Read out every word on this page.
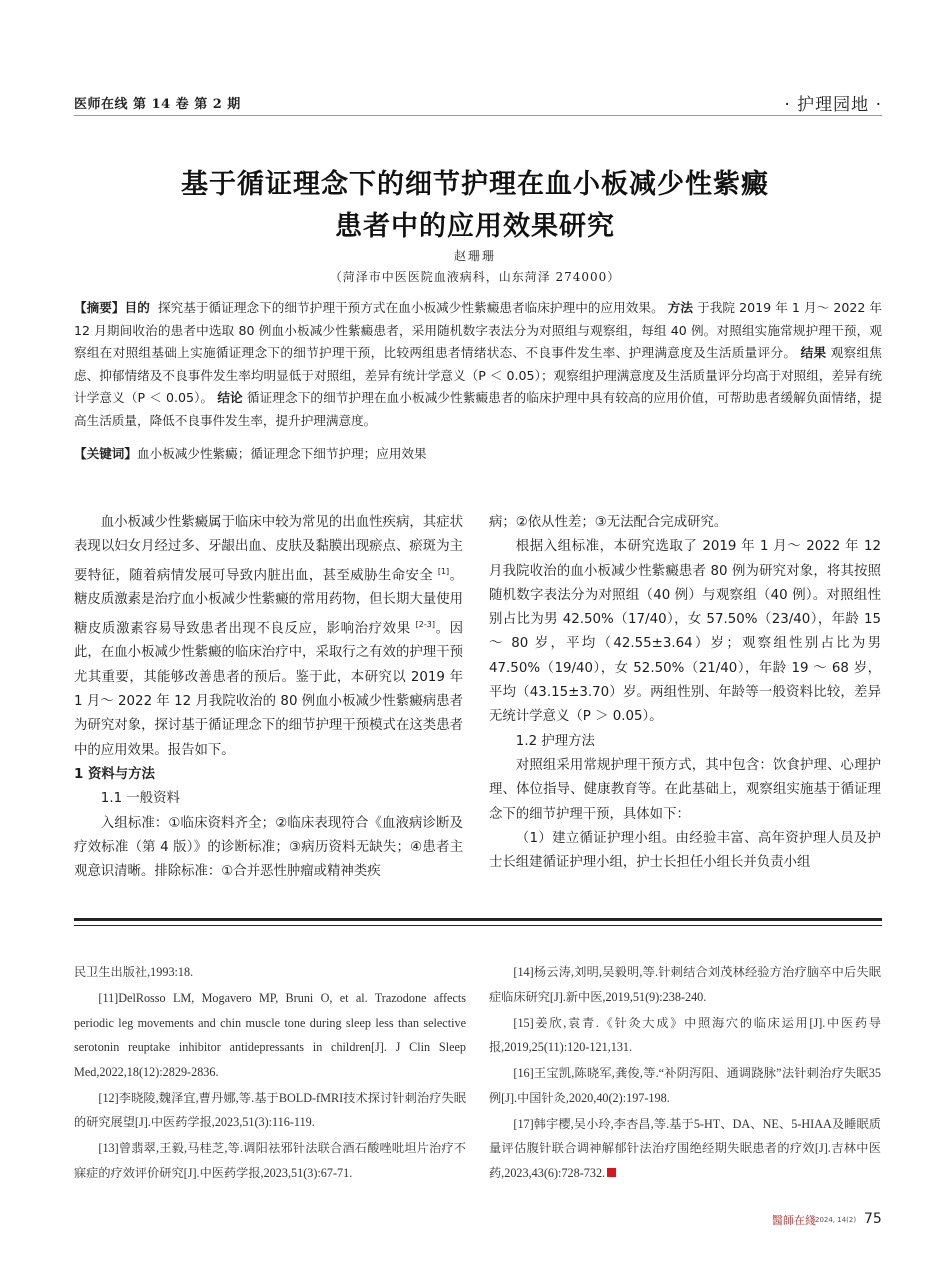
医师在线 第 14 卷 第 2 期	· 护理园地 ·
基于循证理念下的细节护理在血小板减少性紫癜
患者中的应用效果研究
赵珊珊
（菏泽市中医医院血液病科，山东菏泽 274000）
【摘要】目的 探究基于循证理念下的细节护理干预方式在血小板减少性紫癜患者临床护理中的应用效果。 方法 于我院 2019 年 1 月～ 2022 年 12 月期间收治的患者中选取 80 例血小板减少性紫癜患者，采用随机数字表法分为对照组与观察组，每组 40 例。对照组实施常规护理干预，观察组在对照组基础上实施循证理念下的细节护理干预，比较两组患者情绪状态、不良事件发生率、护理满意度及生活质量评分。 结果 观察组焦虑、抑郁情绪及不良事件发生率均明显低于对照组，差异有统计学意义（P ＜ 0.05）；观察组护理满意度及生活质量评分均高于对照组，差异有统计学意义（P ＜ 0.05）。 结论 循证理念下的细节护理在血小板减少性紫癜患者的临床护理中具有较高的应用价值，可帮助患者缓解负面情绪，提高生活质量，降低不良事件发生率，提升护理满意度。
【关键词】血小板减少性紫癜；循证理念下细节护理；应用效果

血小板减少性紫癜属于临床中较为常见的出血性疾病，其症状表现以妇女月经过多、牙龈出血、皮肤及黏膜出现瘀点、瘀斑为主要特征，随着病情发展可导致内脏出血，甚至威胁生命安全 [1]。糖皮质激素是治疗血小板减少性紫癜的常用药物，但长期大量使用糖皮质激素容易导致患者出现不良反应，影响治疗效果 [2-3]。因此，在血小板减少性紫癜的临床治疗中，采取行之有效的护理干预尤其重要，其能够改善患者的预后。鉴于此，本研究以 2019 年 1 月～ 2022 年 12 月我院收治的 80 例血小板减少性紫癜病患者为研究对象，探讨基于循证理念下的细节护理干预模式在这类患者中的应用效果。报告如下。

1 资料与方法
1.1 一般资料

入组标准：①临床资料齐全；②临床表现符合《血液病诊断及疗效标准（第 4 版）》的诊断标准；③病历资料无缺失；④患者主观意识清晰。排除标准：①合并恶性肿瘤或精神类疾

病；②依从性差；③无法配合完成研究。

根据入组标准，本研究选取了 2019 年 1 月～ 2022 年 12 月我院收治的血小板减少性紫癜患者 80 例为研究对象，将其按照随机数字表法分为对照组（40 例）与观察组（40 例）。对照组性别占比为男 42.50%（17/40），女 57.50%（23/40），年龄 15 ～ 80 岁，平均（42.55±3.64）岁；观察组性别占比为男 47.50%（19/40），女 52.50%（21/40），年龄 19 ～ 68 岁，平均（43.15±3.70）岁。两组性别、年龄等一般资料比较，差异无统计学意义（P ＞ 0.05）。

1.2 护理方法

对照组采用常规护理干预方式，其中包含：饮食护理、心理护理、体位指导、健康教育等。在此基础上，观察组实施基于循证理念下的细节护理干预，具体如下：

（1）建立循证护理小组。由经验丰富、高年资护理人员及护士长组建循证护理小组，护士长担任小组长并负责小组

民卫生出版社,1993:18.

[11]DelRosso LM, Mogavero MP, Bruni O, et al. Trazodone affects periodic leg movements and chin muscle tone during sleep less than selective serotonin reuptake inhibitor antidepressants in children[J]. J Clin Sleep Med,2022,18(12):2829-2836.

[12]李晓陵,魏泽宜,曹丹娜,等.基于BOLD-fMRI技术探讨针刺治疗失眠的研究展望[J].中医药学报,2023,51(3):116-119.

[13]曾翡翠,王毅,马桂芝,等.调阳祛邪针法联合酒石酸唑吡坦片治疗不寐症的疗效评价研究[J].中医药学报,2023,51(3):67-71.

[14]杨云涛,刘明,吴毅明,等.针刺结合刘茂林经验方治疗脑卒中后失眠症临床研究[J].新中医,2019,51(9):238-240.

[15]姜欣,袁青.《针灸大成》中照海穴的临床运用[J].中医药导报,2019,25(11):120-121,131.

[16]王宝凯,陈晓军,龚俊,等.“补阴泻阳、通调跷脉”法针刺治疗失眠35例[J].中国针灸,2020,40(2):197-198.

[17]韩宇樱,吴小玲,李杏昌,等.基于5-HT、DA、NE、5-HIAA及睡眠质量评估腹针联合调神解郁针法治疗围绝经期失眠患者的疗效[J].吉林中医药,2023,43(6):728-732.

醫師在綫 2024, 14(2) 75
